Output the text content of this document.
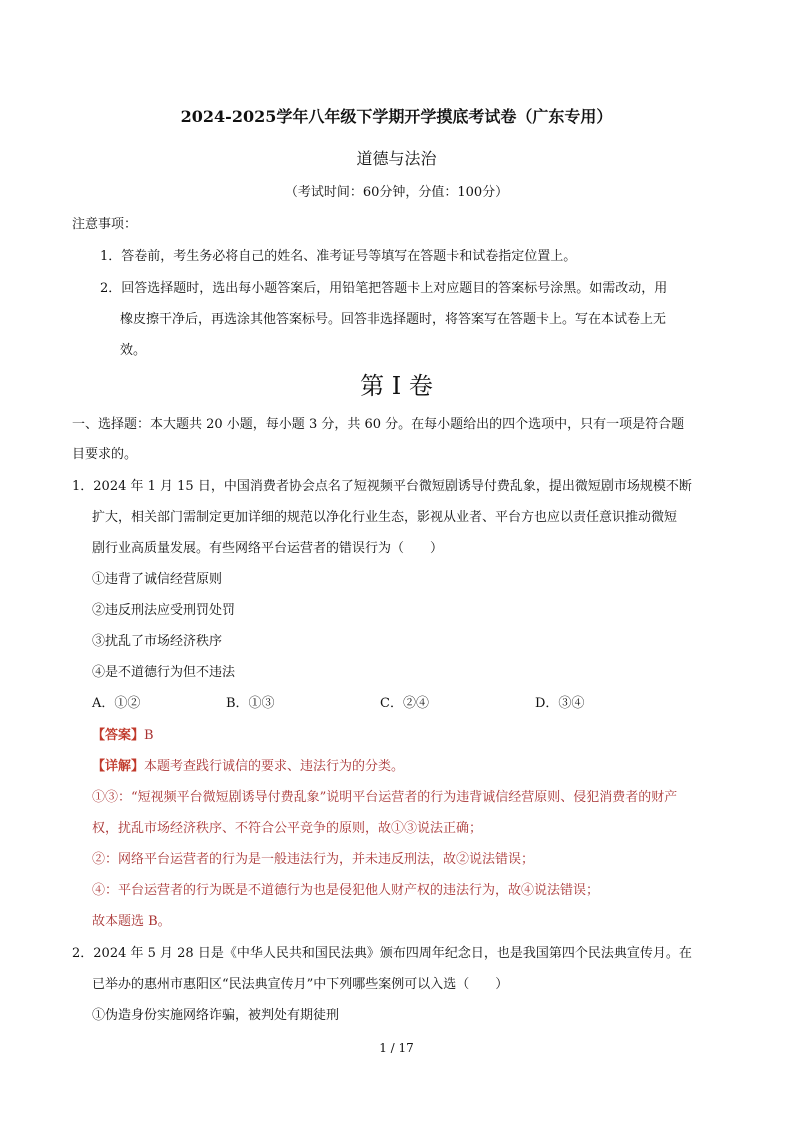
2024-2025学年八年级下学期开学摸底考试卷（广东专用）
道德与法治
（考试时间：60分钟，分值：100分）
注意事项：
1．答卷前，考生务必将自己的姓名、准考证号等填写在答题卡和试卷指定位置上。
2．回答选择题时，选出每小题答案后，用铅笔把答题卡上对应题目的答案标号涂黑。如需改动，用
橡皮擦干净后，再选涂其他答案标号。回答非选择题时，将答案写在答题卡上。写在本试卷上无
效。
第 I 卷
一、选择题：本大题共 20 小题，每小题 3 分，共 60 分。在每小题给出的四个选项中，只有一项是符合题
目要求的。
1．2024 年 1 月 15 日，中国消费者协会点名了短视频平台微短剧诱导付费乱象，提出微短剧市场规模不断
扩大，相关部门需制定更加详细的规范以净化行业生态，影视从业者、平台方也应以责任意识推动微短
剧行业高质量发展。有些网络平台运营者的错误行为（　　）
①违背了诚信经营原则
②违反刑法应受刑罚处罚
③扰乱了市场经济秩序
④是不道德行为但不违法
A．①②	B．①③	C．②④	D．③④
【答案】B
【详解】本题考查践行诚信的要求、违法行为的分类。
①③：“短视频平台微短剧诱导付费乱象”说明平台运营者的行为违背诚信经营原则、侵犯消费者的财产
权，扰乱市场经济秩序、不符合公平竞争的原则，故①③说法正确；
②：网络平台运营者的行为是一般违法行为，并未违反刑法，故②说法错误；
④：平台运营者的行为既是不道德行为也是侵犯他人财产权的违法行为，故④说法错误；
故本题选 B。
2．2024 年 5 月 28 日是《中华人民共和国民法典》颁布四周年纪念日，也是我国第四个民法典宣传月。在
已举办的惠州市惠阳区“民法典宣传月”中下列哪些案例可以入选（　　）
①伪造身份实施网络诈骗，被判处有期徒刑
1 / 17
